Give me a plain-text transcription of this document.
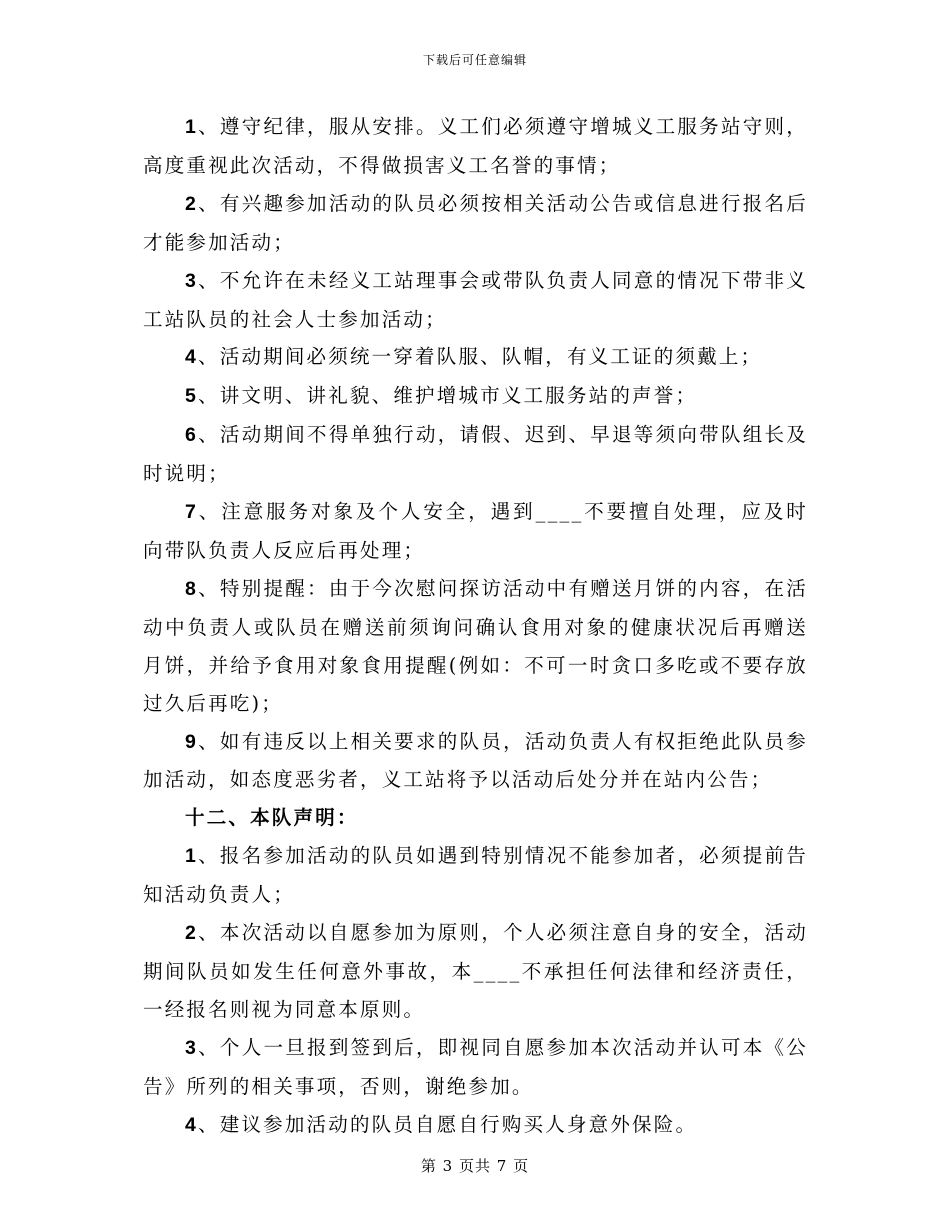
下载后可任意编辑

1、遵守纪律，服从安排。义工们必须遵守增城义工服务站守则，高度重视此次活动，不得做损害义工名誉的事情；

2、有兴趣参加活动的队员必须按相关活动公告或信息进行报名后才能参加活动；

3、不允许在未经义工站理事会或带队负责人同意的情况下带非义工站队员的社会人士参加活动；

4、活动期间必须统一穿着队服、队帽，有义工证的须戴上；

5、讲文明、讲礼貌、维护增城市义工服务站的声誉；

6、活动期间不得单独行动，请假、迟到、早退等须向带队组长及时说明；

7、注意服务对象及个人安全，遇到____不要擅自处理，应及时向带队负责人反应后再处理；

8、特别提醒：由于今次慰问探访活动中有赠送月饼的内容，在活动中负责人或队员在赠送前须询问确认食用对象的健康状况后再赠送月饼，并给予食用对象食用提醒(例如：不可一时贪口多吃或不要存放过久后再吃)；

9、如有违反以上相关要求的队员，活动负责人有权拒绝此队员参加活动，如态度恶劣者，义工站将予以活动后处分并在站内公告；

十二、本队声明：

1、报名参加活动的队员如遇到特别情况不能参加者，必须提前告知活动负责人；

2、本次活动以自愿参加为原则，个人必须注意自身的安全，活动期间队员如发生任何意外事故，本____不承担任何法律和经济责任，一经报名则视为同意本原则。

3、个人一旦报到签到后，即视同自愿参加本次活动并认可本《公告》所列的相关事项，否则，谢绝参加。

4、建议参加活动的队员自愿自行购买人身意外保险。

第 3 页共 7 页
